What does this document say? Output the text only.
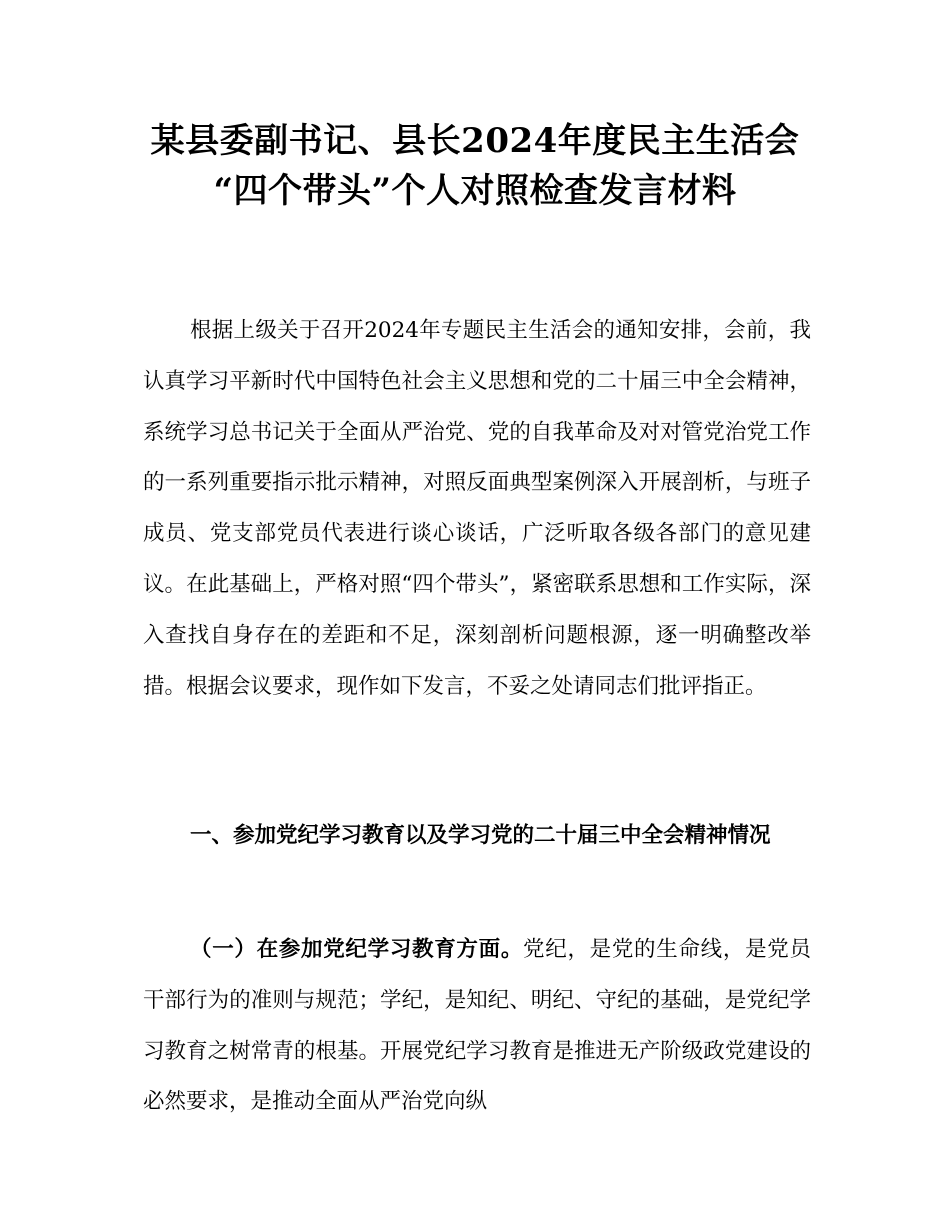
某县委副书记、县长2024年度民主生活会
“四个带头”个人对照检查发言材料

根据上级关于召开2024年专题民主生活会的通知安排，会前，我认真学习平新时代中国特色社会主义思想和党的二十届三中全会精神，系统学习总书记关于全面从严治党、党的自我革命及对对管党治党工作的一系列重要指示批示精神，对照反面典型案例深入开展剖析，与班子成员、党支部党员代表进行谈心谈话，广泛听取各级各部门的意见建议。在此基础上，严格对照“四个带头”，紧密联系思想和工作实际，深入查找自身存在的差距和不足，深刻剖析问题根源，逐一明确整改举措。根据会议要求，现作如下发言，不妥之处请同志们批评指正。

一、参加党纪学习教育以及学习党的二十届三中全会精神情况

（一）在参加党纪学习教育方面。党纪，是党的生命线，是党员干部行为的准则与规范；学纪，是知纪、明纪、守纪的基础，是党纪学习教育之树常青的根基。开展党纪学习教育是推进无产阶级政党建设的必然要求，是推动全面从严治党向纵
